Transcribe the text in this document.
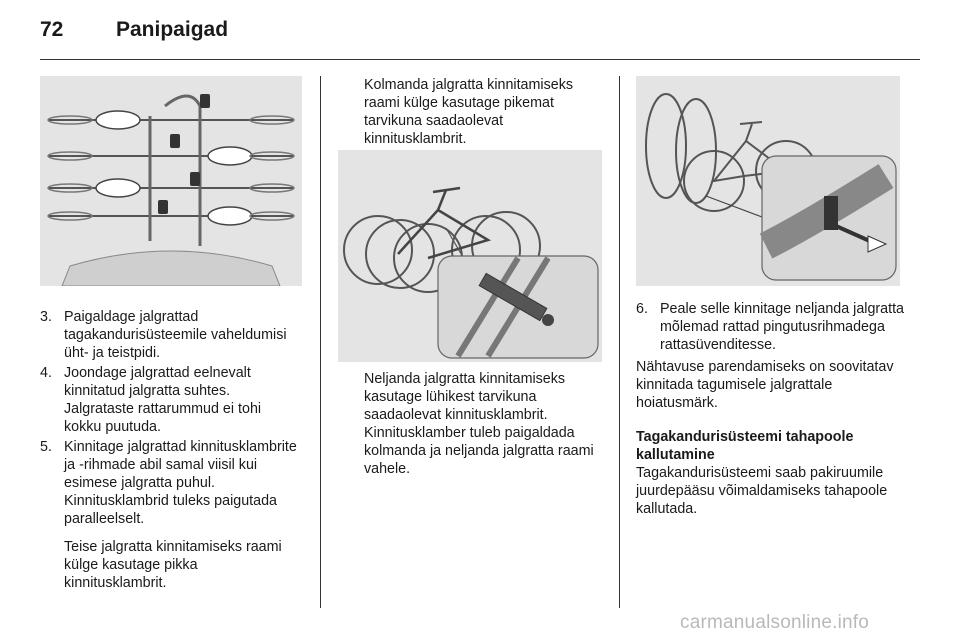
72	Panipaigad
3. Paigaldage jalgrattad tagakandurisüsteemile vaheldumisi üht- ja teistpidi.
4. Joondage jalgrattad eelnevalt kinnitatud jalgratta suhtes. Jalgrataste rattarummud ei tohi kokku puutuda.
5. Kinnitage jalgrattad kinnitusklambrite ja -rihmade abil samal viisil kui esimese jalgratta puhul. Kinnitusklambrid tuleks paigutada paralleelselt.

Teise jalgratta kinnitamiseks raami külge kasutage pikka kinnitusklambrit.

Kolmanda jalgratta kinnitamiseks raami külge kasutage pikemat tarvikuna saadaolevat kinnitusklambrit.

Neljanda jalgratta kinnitamiseks kasutage lühikest tarvikuna saadaolevat kinnitusklambrit. Kinnitusklamber tuleb paigaldada kolmanda ja neljanda jalgratta raami vahele.

6. Peale selle kinnitage neljanda jalgratta mõlemad rattad pingutusrihmadega rattasüvenditesse.

Nähtavuse parendamiseks on soovitatav kinnitada tagumisele jalgrattale hoiatusmärk.

Tagakandurisüsteemi tahapoole kallutamine

Tagakandurisüsteemi saab pakiruumile juurdepääsu võimaldamiseks tahapoole kallutada.

carmanualsonline.info
